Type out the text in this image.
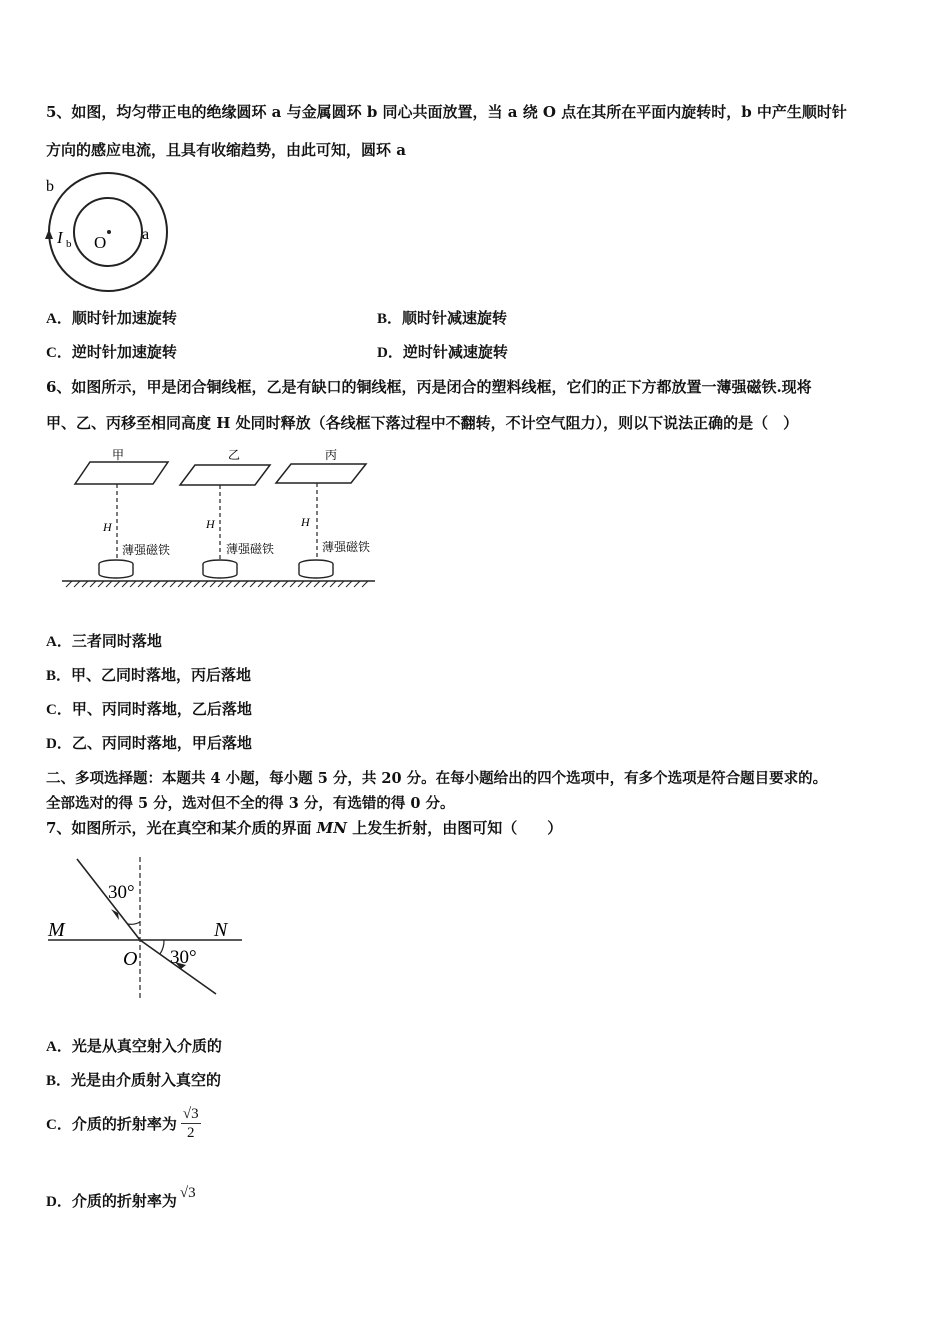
5、如图，均匀带正电的绝缘圆环 a 与金属圆环 b 同心共面放置，当 a 绕 O 点在其所在平面内旋转时，b 中产生顺时针
方向的感应电流，且具有收缩趋势，由此可知，圆环 a
b
a
O
I b
A．顺时针加速旋转	B．顺时针减速旋转
C．逆时针加速旋转	D．逆时针减速旋转
6、如图所示，甲是闭合铜线框，乙是有缺口的铜线框，丙是闭合的塑料线框，它们的正下方都放置一薄强磁铁.现将
甲、乙、丙移至相同高度 H 处同时释放（各线框下落过程中不翻转，不计空气阻力），则以下说法正确的是（　）
甲
H
薄强磁铁
乙
H
薄强磁铁
丙
H
薄强磁铁
A．三者同时落地
B．甲、乙同时落地，丙后落地
C．甲、丙同时落地，乙后落地
D．乙、丙同时落地，甲后落地
二、多项选择题：本题共 4 小题，每小题 5 分，共 20 分。在每小题给出的四个选项中，有多个选项是符合题目要求的。
全部选对的得 5 分，选对但不全的得 3 分，有选错的得 0 分。
7、如图所示，光在真空和某介质的界面 MN 上发生折射，由图可知（　　）
30°
30°
M	N
O
A．光是从真空射入介质的
B．光是由介质射入真空的
C．介质的折射率为 $\frac{√3}{2}$
D．介质的折射率为 √3
